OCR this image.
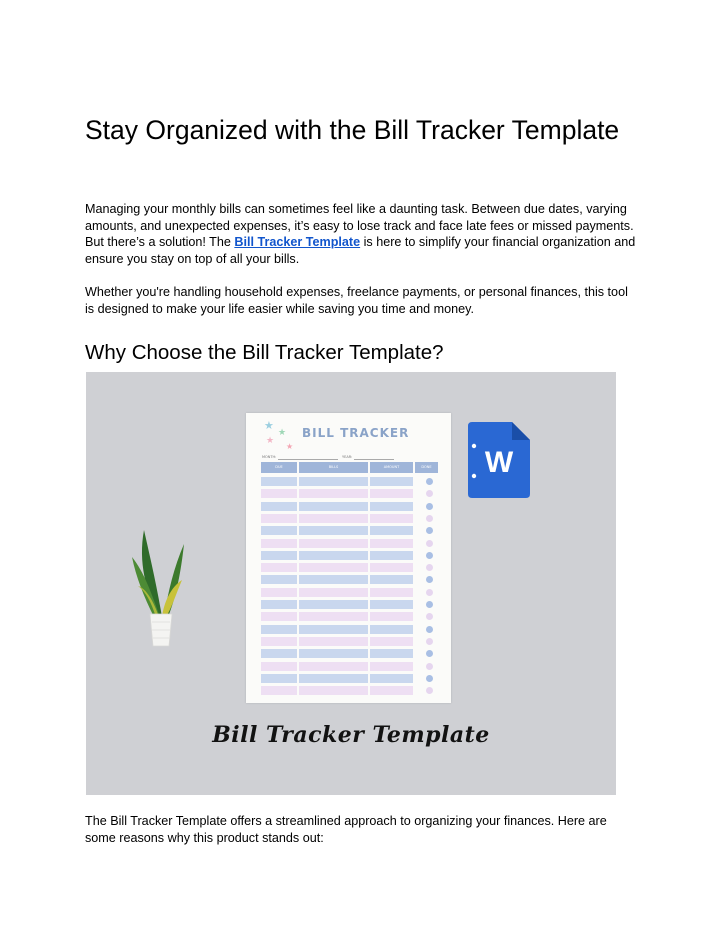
Stay Organized with the Bill Tracker Template

Managing your monthly bills can sometimes feel like a daunting task. Between due dates, varying amounts, and unexpected expenses, it’s easy to lose track and face late fees or missed payments. But there’s a solution! The Bill Tracker Template is here to simplify your financial organization and ensure you stay on top of all your bills.

Whether you're handling household expenses, freelance payments, or personal finances, this tool is designed to make your life easier while saving you time and money.

Why Choose the Bill Tracker Template?

The Bill Tracker Template offers a streamlined approach to organizing your finances. Here are some reasons why this product stands out:

★ ★
★
★
BILL TRACKER
MONTH:	YEAR:
DUE	BILLS	AMOUNT	DONE W
Bill Tracker Template
